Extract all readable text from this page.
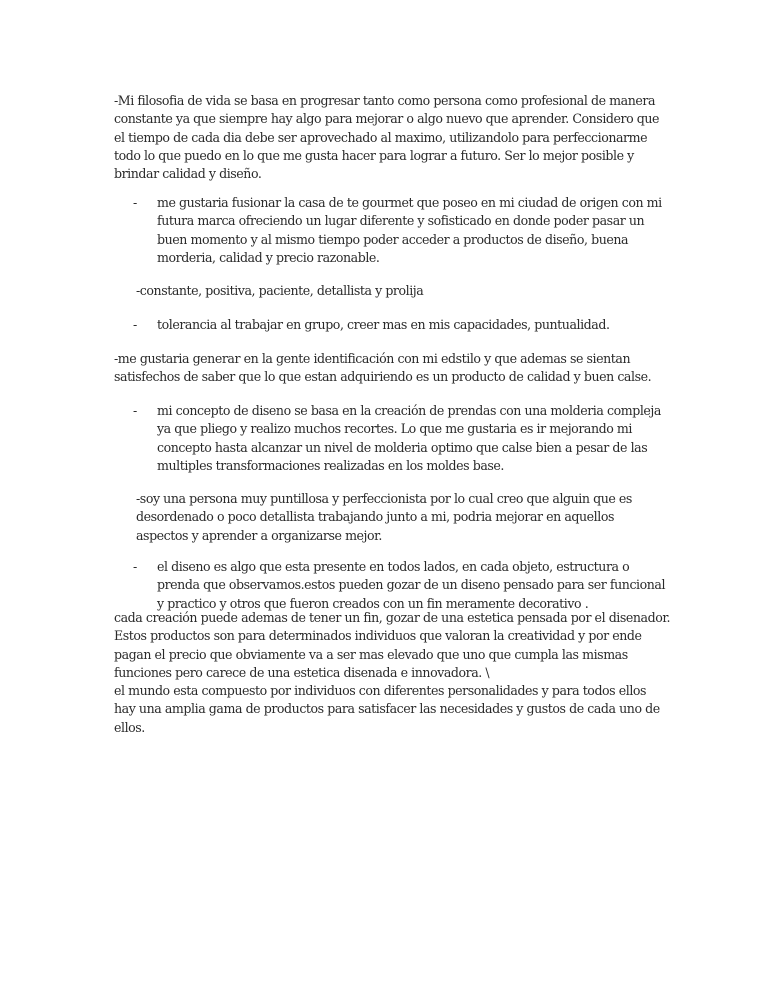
-Mi filosofia de vida se basa en progresar tanto como persona como profesional de manera
constante ya que siempre hay algo para mejorar o algo nuevo que aprender. Considero que
el tiempo de cada dia debe ser aprovechado al maximo, utilizandolo para perfeccionarme
todo lo que puedo en lo que me gusta hacer para lograr a futuro. Ser lo mejor posible y
brindar calidad y diseño.
- me gustaria fusionar la casa de te gourmet que poseo en mi ciudad de origen con mi
futura marca ofreciendo un lugar diferente y sofisticado en donde poder pasar un
buen momento y al mismo tiempo poder acceder a productos de diseño, buena
morderia, calidad y precio razonable.
-constante, positiva, paciente, detallista y prolija
- tolerancia al trabajar en grupo, creer mas en mis capacidades, puntualidad.
-me gustaria generar en la gente identificación con mi edstilo y que ademas se sientan
satisfechos de saber que lo que estan adquiriendo es un producto de calidad y buen calse.
- mi concepto de diseno se basa en la creación de prendas con una molderia compleja
ya que pliego y realizo muchos recortes. Lo que me gustaria es ir mejorando mi
concepto hasta alcanzar un nivel de molderia optimo que calse bien a pesar de las
multiples transformaciones realizadas en los moldes base.
-soy una persona muy puntillosa y perfeccionista por lo cual creo que alguin que es
desordenado o poco detallista trabajando junto a mi, podria mejorar en aquellos
aspectos y aprender a organizarse mejor.
- el diseno es algo que esta presente en todos lados, en cada objeto, estructura o
prenda que observamos.estos pueden gozar de un diseno pensado para ser funcional
y practico y otros que fueron creados con un fin meramente decorativo .
cada creación puede ademas de tener un fin, gozar de una estetica pensada por el disenador.
Estos productos son para determinados individuos que valoran la creatividad y por ende
pagan el precio que obviamente va a ser mas elevado que uno que cumpla las mismas
funciones pero carece de una estetica disenada e innovadora. \
el mundo esta compuesto por individuos con diferentes personalidades y para todos ellos
hay una amplia gama de productos para satisfacer las necesidades y gustos de cada uno de
ellos.
